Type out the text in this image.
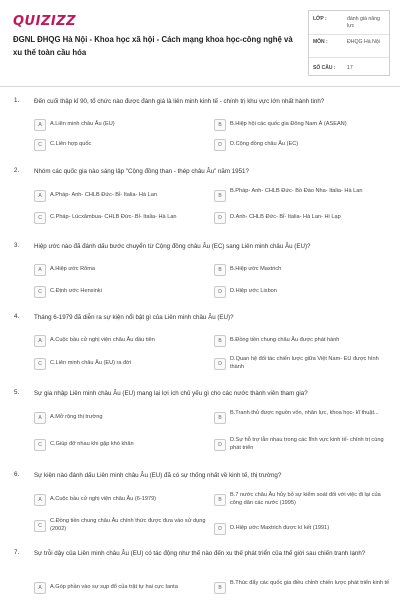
QUIZIZZ
ĐGNL ĐHQG Hà Nội - Khoa học xã hội - Cách mạng khoa học-công nghệ và xu thế toàn cầu hóa
LỚP :	đánh giá năng lực
MÔN :	ĐHQG Hà Nội
SỐ CÂU : 17
1. Đến cuối thập kỉ 90, tổ chức nào được đánh giá là liên minh kinh tế - chính trị khu vực lớn nhất hành tinh?
A	A.Liên minh châu Âu (EU)	B	B.Hiệp hội các quốc gia Đông Nam Á (ASEAN)
C	C.Liên hợp quốc	D	D.Cộng đồng châu Âu (EC)
2. Nhóm các quốc gia nào sáng lập "Cộng đồng than - thép châu Âu" năm 1951?
A	A.Pháp- Anh- CHLB Đức- Bỉ- Italia- Hà Lan	B
B.Pháp- Anh- CHLB Đức- Bồ Đào Nha- Italia- Hà Lan
C	C.Pháp- Lúcxămbua- CHLB Đức- Bỉ- Italia- Hà Lan	D	D.Anh- CHLB Đức- Bỉ- Italia- Hà Lan- Hi Lạp
3. Hiệp ước nào đã đánh dấu bước chuyển từ Cộng đồng châu Âu (EC) sang Liên minh châu Âu (EU)?
A	A.Hiệp ước Rôma	B	B.Hiệp ước Maxtrich
C	C.Định ước Henxinki	D	D.Hiệp ước Lisbon
4. Tháng 6-1979 đã diễn ra sự kiện nổi bật gì của Liên minh châu Âu (EU)?
A	A.Cuộc bầu cử nghị viện châu Âu đầu tiên	B	B.Đồng tiền chung châu Âu được phát hành
C	C.Liên minh châu Âu (EU) ra đời	D
D.Quan hệ đối tác chiến lược giữa Việt Nam- EU được hình thành
5. Sự gia nhập Liên minh châu Âu (EU) mang lại lợi ích chủ yếu gì cho các nước thành viên tham gia?
A	A.Mở rộng thị trường	B
B.Tranh thủ được nguồn vốn, nhân lực, khoa học- kĩ thuật...
C	C.Giúp đỡ nhau khi gặp khó khăn	D
D.Sự hỗ trợ lẫn nhau trong các lĩnh vực kinh tế- chính trị cùng phát triển
6. Sự kiện nào đánh dấu Liên minh châu Âu (EU) đã có sự thống nhất về kinh tế, thị trường?
A	A.Cuộc bầu cử nghị viện châu Âu (6-1979)	B
B.7 nước châu Âu hủy bỏ sự kiểm soát đối với việc đi lại của công dân các nước (1995)
C
C.Đồng tiền chung châu Âu chính thức được đưa vào sử dụng (2002)	D	D.Hiệp ước Maxtrich được kí kết (1991)
7. Sự trỗi dậy của Liên minh châu Âu (EU) có tác động như thế nào đến xu thế phát triển của thế giới sau chiến tranh lạnh?
A	A.Góp phần vào sự sụp đổ của trật tự hai cực Ianta	B
B.Thúc đẩy các quốc gia điều chỉnh chiến lược phát triển kinh tế
